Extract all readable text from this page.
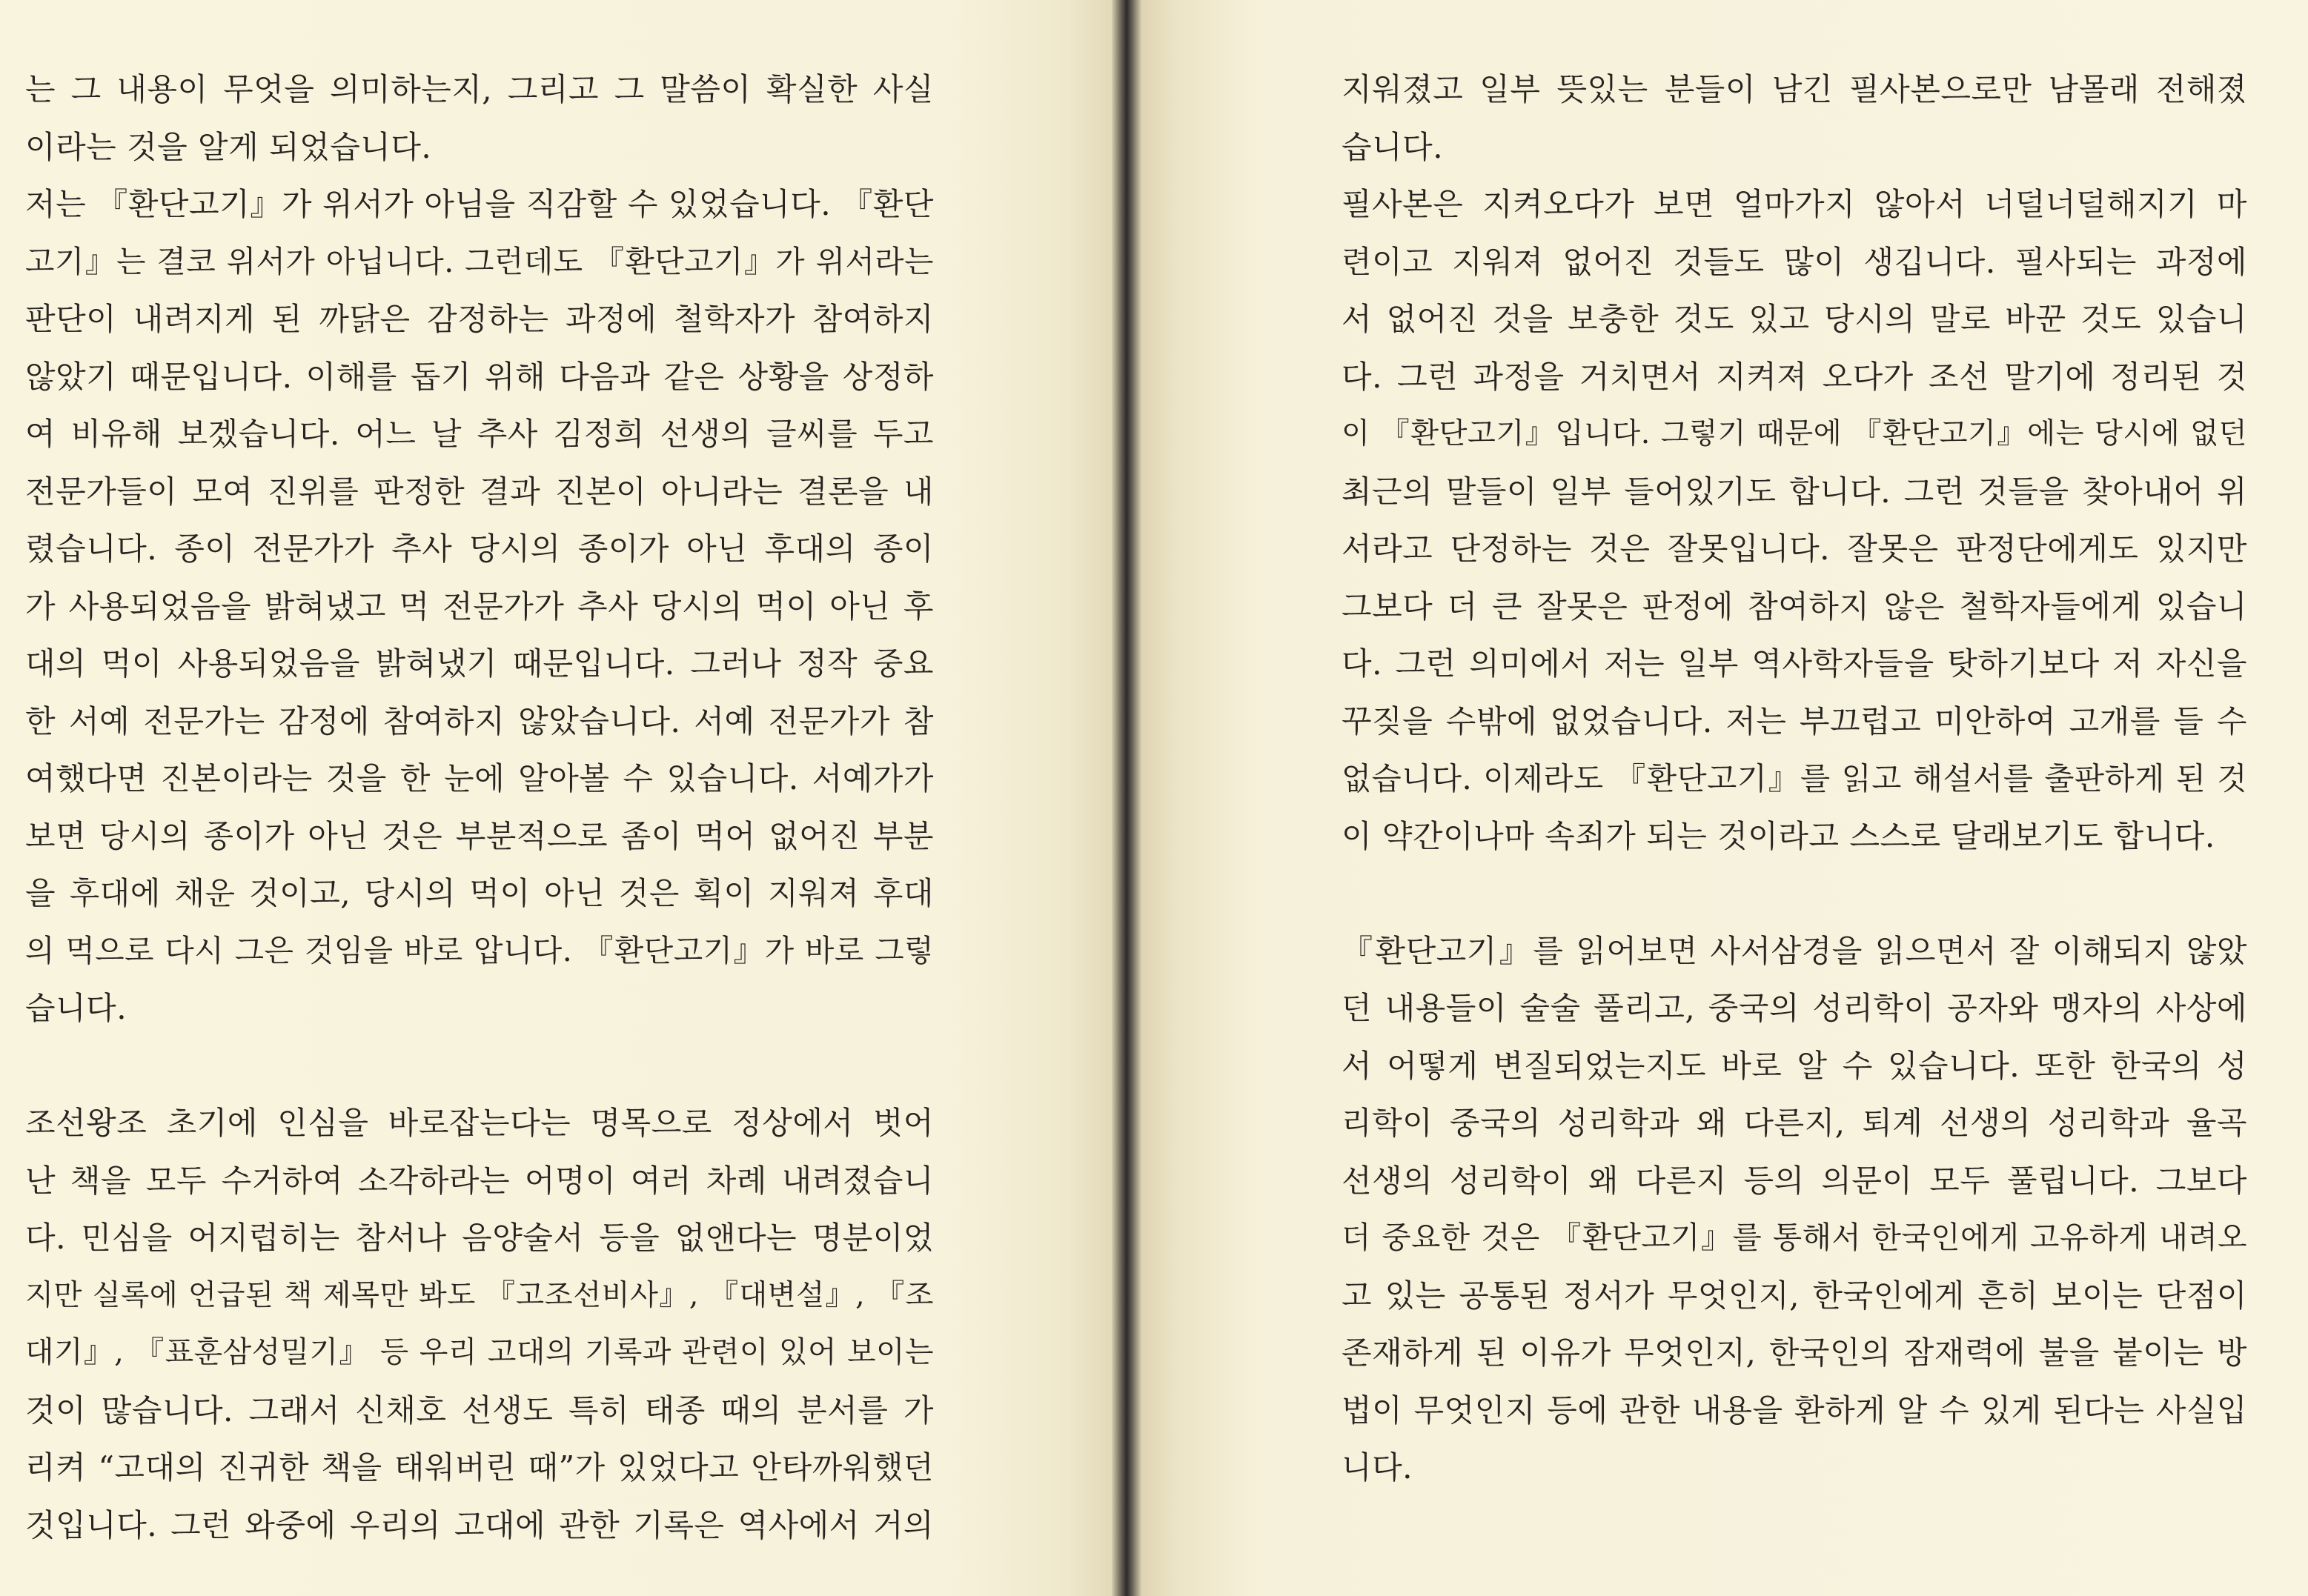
는 그 내용이 무엇을 의미하는지, 그리고 그 말씀이 확실한 사실
이라는 것을 알게 되었습니다.
저는 『환단고기』가 위서가 아님을 직감할 수 있었습니다. 『환단
고기』는 결코 위서가 아닙니다. 그런데도 『환단고기』가 위서라는
판단이 내려지게 된 까닭은 감정하는 과정에 철학자가 참여하지
않았기 때문입니다. 이해를 돕기 위해 다음과 같은 상황을 상정하
여 비유해 보겠습니다. 어느 날 추사 김정희 선생의 글씨를 두고
전문가들이 모여 진위를 판정한 결과 진본이 아니라는 결론을 내
렸습니다. 종이 전문가가 추사 당시의 종이가 아닌 후대의 종이
가 사용되었음을 밝혀냈고 먹 전문가가 추사 당시의 먹이 아닌 후
대의 먹이 사용되었음을 밝혀냈기 때문입니다. 그러나 정작 중요
한 서예 전문가는 감정에 참여하지 않았습니다. 서예 전문가가 참
여했다면 진본이라는 것을 한 눈에 알아볼 수 있습니다. 서예가가
보면 당시의 종이가 아닌 것은 부분적으로 좀이 먹어 없어진 부분
을 후대에 채운 것이고, 당시의 먹이 아닌 것은 획이 지워져 후대
의 먹으로 다시 그은 것임을 바로 압니다. 『환단고기』가 바로 그렇
습니다.
조선왕조 초기에 인심을 바로잡는다는 명목으로 정상에서 벗어
난 책을 모두 수거하여 소각하라는 어명이 여러 차례 내려졌습니
다. 민심을 어지럽히는 참서나 음양술서 등을 없앤다는 명분이었
지만 실록에 언급된 책 제목만 봐도 『고조선비사』, 『대변설』, 『조
대기』, 『표훈삼성밀기』 등 우리 고대의 기록과 관련이 있어 보이는
것이 많습니다. 그래서 신채호 선생도 특히 태종 때의 분서를 가
리켜 “고대의 진귀한 책을 태워버린 때”가 있었다고 안타까워했던
것입니다. 그런 와중에 우리의 고대에 관한 기록은 역사에서 거의
지워졌고 일부 뜻있는 분들이 남긴 필사본으로만 남몰래 전해졌
습니다.
필사본은 지켜오다가 보면 얼마가지 않아서 너덜너덜해지기 마
련이고 지워져 없어진 것들도 많이 생깁니다. 필사되는 과정에
서 없어진 것을 보충한 것도 있고 당시의 말로 바꾼 것도 있습니
다. 그런 과정을 거치면서 지켜져 오다가 조선 말기에 정리된 것
이 『환단고기』입니다. 그렇기 때문에 『환단고기』에는 당시에 없던
최근의 말들이 일부 들어있기도 합니다. 그런 것들을 찾아내어 위
서라고 단정하는 것은 잘못입니다. 잘못은 판정단에게도 있지만
그보다 더 큰 잘못은 판정에 참여하지 않은 철학자들에게 있습니
다. 그런 의미에서 저는 일부 역사학자들을 탓하기보다 저 자신을
꾸짖을 수밖에 없었습니다. 저는 부끄럽고 미안하여 고개를 들 수
없습니다. 이제라도 『환단고기』를 읽고 해설서를 출판하게 된 것
이 약간이나마 속죄가 되는 것이라고 스스로 달래보기도 합니다.
『환단고기』를 읽어보면 사서삼경을 읽으면서 잘 이해되지 않았
던 내용들이 술술 풀리고, 중국의 성리학이 공자와 맹자의 사상에
서 어떻게 변질되었는지도 바로 알 수 있습니다. 또한 한국의 성
리학이 중국의 성리학과 왜 다른지, 퇴계 선생의 성리학과 율곡
선생의 성리학이 왜 다른지 등의 의문이 모두 풀립니다. 그보다
더 중요한 것은 『환단고기』를 통해서 한국인에게 고유하게 내려오
고 있는 공통된 정서가 무엇인지, 한국인에게 흔히 보이는 단점이
존재하게 된 이유가 무엇인지, 한국인의 잠재력에 불을 붙이는 방
법이 무엇인지 등에 관한 내용을 환하게 알 수 있게 된다는 사실입
니다.
